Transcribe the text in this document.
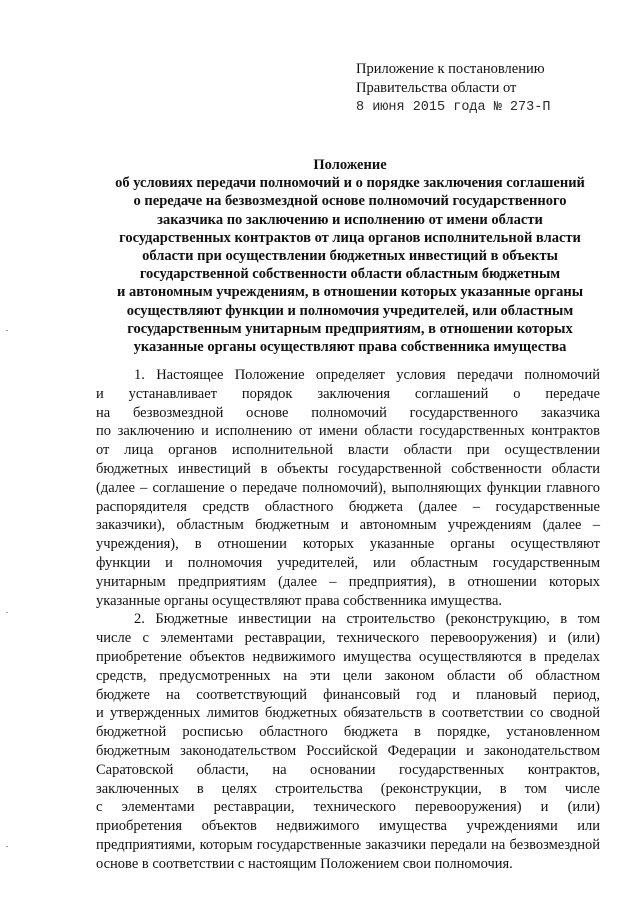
Приложение к постановлению
Правительства области от
8 июня 2015 года № 273-П
Положение
об условиях передачи полномочий и о порядке заключения соглашений
о передаче на безвозмездной основе полномочий государственного
заказчика по заключению и исполнению от имени области
государственных контрактов от лица органов исполнительной власти
области при осуществлении бюджетных инвестиций в объекты
государственной собственности области областным бюджетным
и автономным учреждениям, в отношении которых указанные органы
осуществляют функции и полномочия учредителей, или областным
государственным унитарным предприятиям, в отношении которых
указанные органы осуществляют права собственника имущества
1. Настоящее Положение определяет условия передачи полномочий
и устанавливает порядок заключения соглашений о передаче
на безвозмездной основе полномочий государственного заказчика
по заключению и исполнению от имени области государственных контрактов
от лица органов исполнительной власти области при осуществлении
бюджетных инвестиций в объекты государственной собственности области
(далее – соглашение о передаче полномочий), выполняющих функции главного
распорядителя средств областного бюджета (далее – государственные
заказчики), областным бюджетным и автономным учреждениям (далее –
учреждения), в отношении которых указанные органы осуществляют
функции и полномочия учредителей, или областным государственным
унитарным предприятиям (далее – предприятия), в отношении которых
указанные органы осуществляют права собственника имущества.
2. Бюджетные инвестиции на строительство (реконструкцию, в том
числе с элементами реставрации, технического перевооружения) и (или)
приобретение объектов недвижимого имущества осуществляются в пределах
средств, предусмотренных на эти цели законом области об областном
бюджете на соответствующий финансовый год и плановый период,
и утвержденных лимитов бюджетных обязательств в соответствии со сводной
бюджетной росписью областного бюджета в порядке, установленном
бюджетным законодательством Российской Федерации и законодательством
Саратовской области, на основании государственных контрактов,
заключенных в целях строительства (реконструкции, в том числе
с элементами реставрации, технического перевооружения) и (или)
приобретения объектов недвижимого имущества учреждениями или
предприятиями, которым государственные заказчики передали на безвозмездной
основе в соответствии с настоящим Положением свои полномочия.
